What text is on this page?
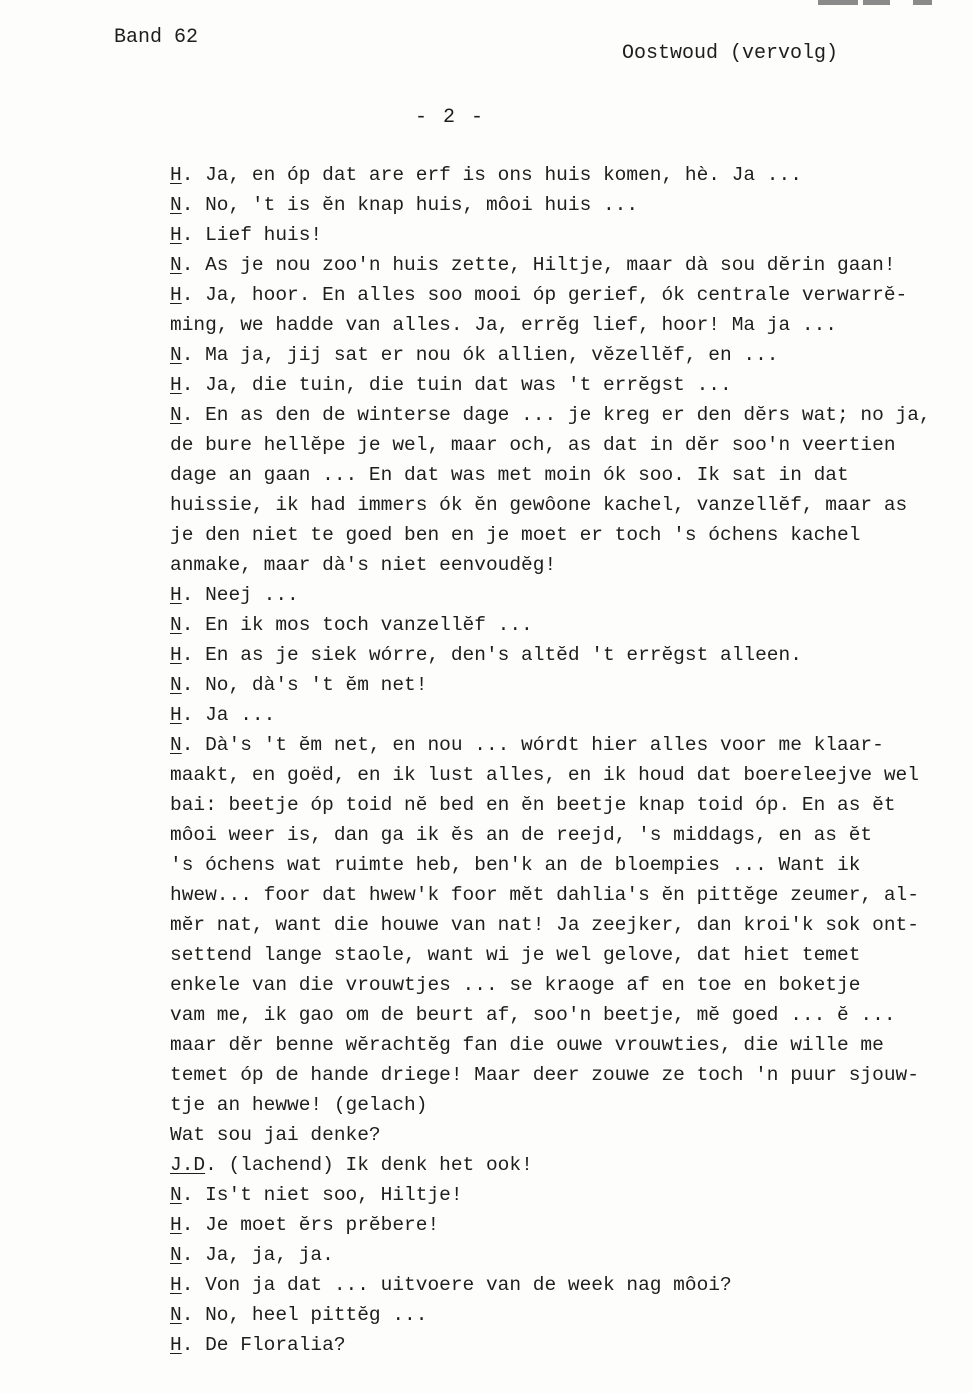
Band 62
Oostwoud (vervolg)
- 2 -
H. Ja, en óp dat are erf is ons huis komen, hè. Ja ...
N. No, 't is ĕn knap huis, môoi huis ...
H. Lief huis!
N. As je nou zoo'n huis zette, Hiltje, maar dà sou dĕrin gaan!
H. Ja, hoor. En alles soo mooi óp gerief, ók centrale verwarrĕ-
ming, we hadde van alles. Ja, errĕg lief, hoor! Ma ja ...
N. Ma ja, jij sat er nou ók allien, vĕzellĕf, en ...
H. Ja, die tuin, die tuin dat was 't errĕgst ...
N. En as den de winterse dage ... je kreg er den dĕrs wat; no ja,
de bure hellĕpe je wel, maar och, as dat in dĕr soo'n veertien
dage an gaan ... En dat was met moin ók soo. Ik sat in dat
huissie, ik had immers ók ĕn gewôone kachel, vanzellĕf, maar as
je den niet te goed ben en je moet er toch 's óchens kachel
anmake, maar dà's niet eenvoudĕg!
H. Neej ...
N. En ik mos toch vanzellĕf ...
H. En as je siek wórre, den's altĕd 't errĕgst alleen.
N. No, dà's 't ĕm net!
H. Ja ...
N. Dà's 't ĕm net, en nou ... wórdt hier alles voor me klaar-
maakt, en goëd, en ik lust alles, en ik houd dat boereleejve wel
bai: beetje óp toid nĕ bed en ĕn beetje knap toid óp. En as ĕt
môoi weer is, dan ga ik ĕs an de reejd, 's middags, en as ĕt
's óchens wat ruimte heb, ben'k an de bloempies ... Want ik
hwew... foor dat hwew'k foor mĕt dahlia's ĕn pittĕge zeumer, al-
mĕr nat, want die houwe van nat! Ja zeejker, dan kroi'k sok ont-
settend lange staole, want wi je wel gelove, dat hiet temet
enkele van die vrouwtjes ... se kraoge af en toe en boketje
vam me, ik gao om de beurt af, soo'n beetje, mĕ goed ... ĕ ...
maar dĕr benne wĕrachtĕg fan die ouwe vrouwties, die wille me
temet óp de hande driege! Maar deer zouwe ze toch 'n puur sjouw-
tje an hewwe! (gelach)
Wat sou jai denke?
J.D. (lachend) Ik denk het ook!
N. Is't niet soo, Hiltje!
H. Je moet ĕrs prĕbere!
N. Ja, ja, ja.
H. Von ja dat ... uitvoere van de week nag môoi?
N. No, heel pittĕg ...
H. De Floralia?
